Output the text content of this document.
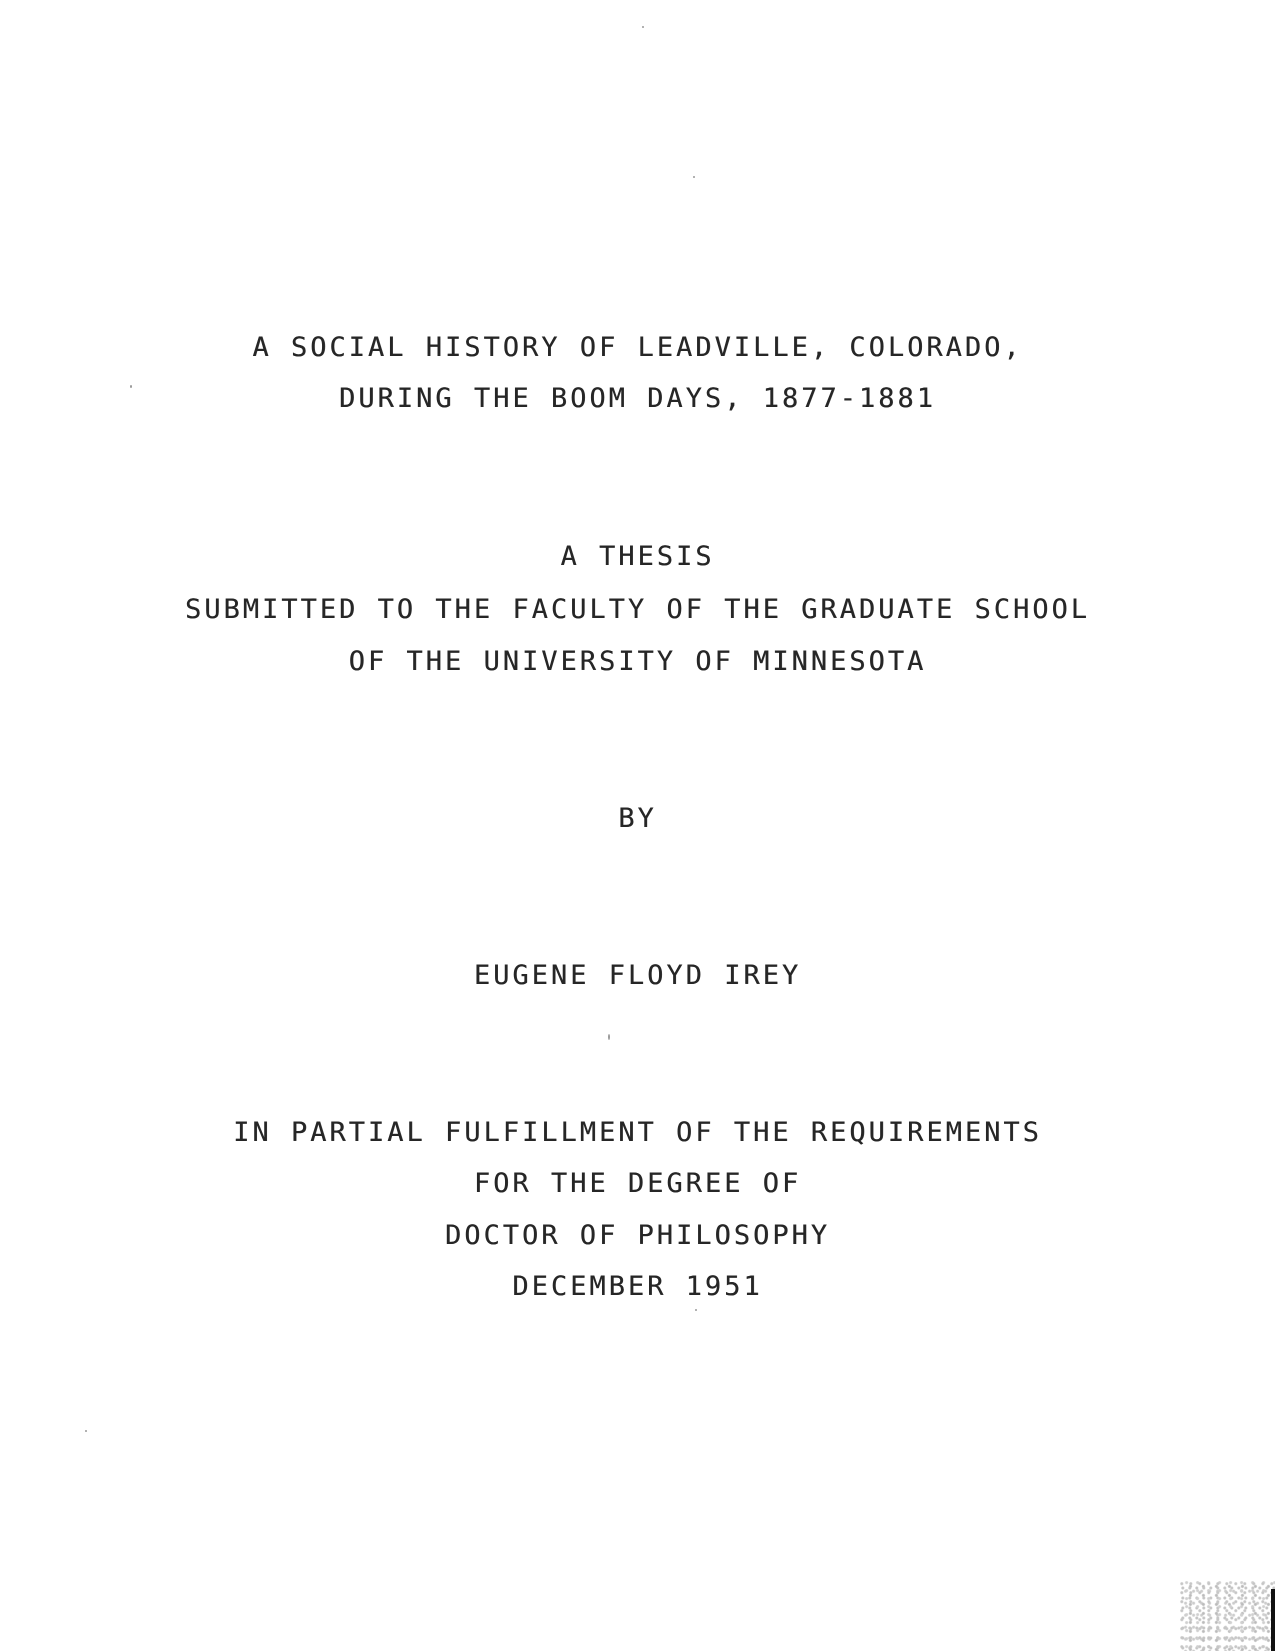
A SOCIAL HISTORY OF LEADVILLE, COLORADO,
DURING THE BOOM DAYS, 1877-1881
A THESIS
SUBMITTED TO THE FACULTY OF THE GRADUATE SCHOOL
OF THE UNIVERSITY OF MINNESOTA
BY
EUGENE FLOYD IREY
IN PARTIAL FULFILLMENT OF THE REQUIREMENTS
FOR THE DEGREE OF
DOCTOR OF PHILOSOPHY
DECEMBER 1951
